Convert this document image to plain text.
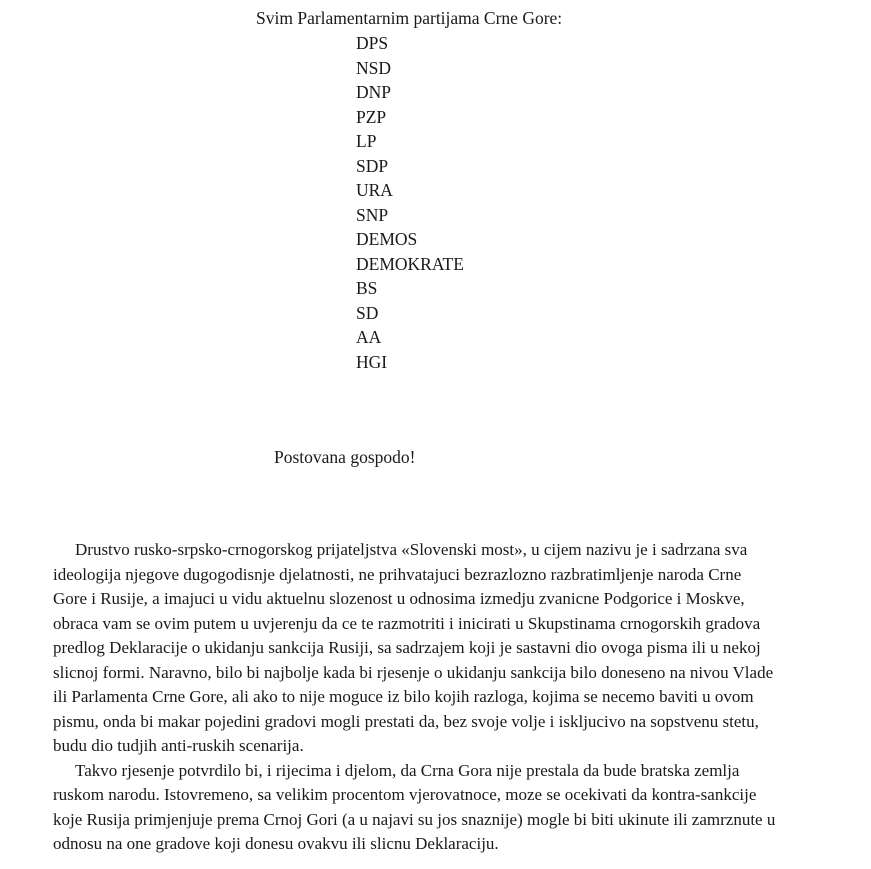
Svim Parlamentarnim partijama Crne Gore:
DPS
NSD
DNP
PZP
LP
SDP
URA
SNP
DEMOS
DEMOKRATE
BS
SD
AA
HGI
Postovana gospodo!

Drustvo rusko-srpsko-crnogorskog prijateljstva «Slovenski most», u cijem nazivu je i sadrzana sva
ideologija njegove dugogodisnje djelatnosti, ne prihvatajuci bezrazlozno razbratimljenje naroda Crne
Gore i Rusije, a imajuci u vidu aktuelnu slozenost u odnosima izmedju zvanicne Podgorice i Moskve,
obraca vam se ovim putem u uvjerenju da ce te razmotriti i inicirati u Skupstinama crnogorskih gradova
predlog Deklaracije o ukidanju sankcija Rusiji, sa sadrzajem koji je sastavni dio ovoga pisma ili u nekoj
slicnoj formi. Naravno, bilo bi najbolje kada bi rjesenje o ukidanju sankcija bilo doneseno na nivou Vlade
ili Parlamenta Crne Gore, ali ako to nije moguce iz bilo kojih razloga, kojima se necemo baviti u ovom
pismu, onda bi makar pojedini gradovi mogli prestati da, bez svoje volje i iskljucivo na sopstvenu stetu,
budu dio tudjih anti-ruskih scenarija.

Takvo rjesenje potvrdilo bi, i rijecima i djelom, da Crna Gora nije prestala da bude bratska zemlja
ruskom narodu. Istovremeno, sa velikim procentom vjerovatnoce, moze se ocekivati da kontra-sankcije
koje Rusija primjenjuje prema Crnoj Gori (a u najavi su jos snaznije) mogle bi biti ukinute ili zamrznute u
odnosu na one gradove koji donesu ovakvu ili slicnu Deklaraciju.
